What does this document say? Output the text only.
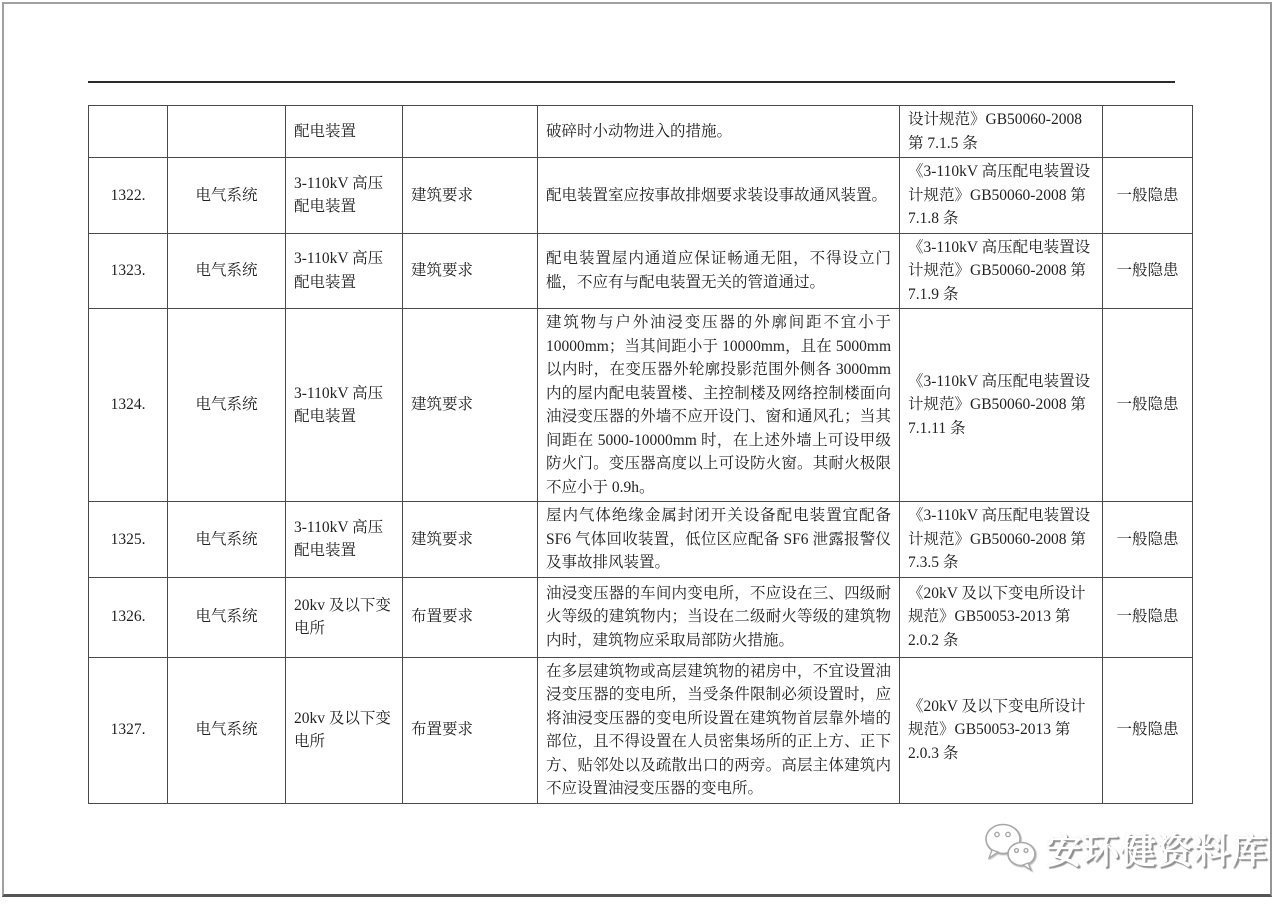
		配电装置		破碎时小动物进入的措施。	设计规范》GB50060-2008 第 7.1.5 条	
1322.	电气系统	3-110kV 高压配电装置	建筑要求	配电装置室应按事故排烟要求装设事故通风装置。	《3-110kV 高压配电装置设计规范》GB50060-2008 第 7.1.8 条	一般隐患
1323.	电气系统	3-110kV 高压配电装置	建筑要求	配电装置屋内通道应保证畅通无阻，不得设立门槛，不应有与配电装置无关的管道通过。	《3-110kV 高压配电装置设计规范》GB50060-2008 第 7.1.9 条	一般隐患
1324.	电气系统	3-110kV 高压配电装置	建筑要求	建筑物与户外油浸变压器的外廓间距不宜小于 10000mm；当其间距小于 10000mm，且在 5000mm 以内时，在变压器外轮廓投影范围外侧各 3000mm 内的屋内配电装置楼、主控制楼及网络控制楼面向油浸变压器的外墙不应开设门、窗和通风孔；当其间距在 5000-10000mm 时，在上述外墙上可设甲级防火门。变压器高度以上可设防火窗。其耐火极限不应小于 0.9h。	《3-110kV 高压配电装置设计规范》GB50060-2008 第 7.1.11 条	一般隐患
1325.	电气系统	3-110kV 高压配电装置	建筑要求	屋内气体绝缘金属封闭开关设备配电装置宜配备 SF6 气体回收装置，低位区应配备 SF6 泄露报警仪及事故排风装置。	《3-110kV 高压配电装置设计规范》GB50060-2008 第 7.3.5 条	一般隐患
1326.	电气系统	20kv 及以下变电所	布置要求	油浸变压器的车间内变电所，不应设在三、四级耐火等级的建筑物内；当设在二级耐火等级的建筑物内时，建筑物应采取局部防火措施。	《20kV 及以下变电所设计规范》GB50053-2013 第 2.0.2 条	一般隐患
1327.	电气系统	20kv 及以下变电所	布置要求	在多层建筑物或高层建筑物的裙房中，不宜设置油浸变压器的变电所，当受条件限制必须设置时，应将油浸变压器的变电所设置在建筑物首层靠外墙的部位，且不得设置在人员密集场所的正上方、正下方、贴邻处以及疏散出口的两旁。高层主体建筑内不应设置油浸变压器的变电所。	《20kV 及以下变电所设计规范》GB50053-2013 第 2.0.3 条	一般隐患
安环健资料库
